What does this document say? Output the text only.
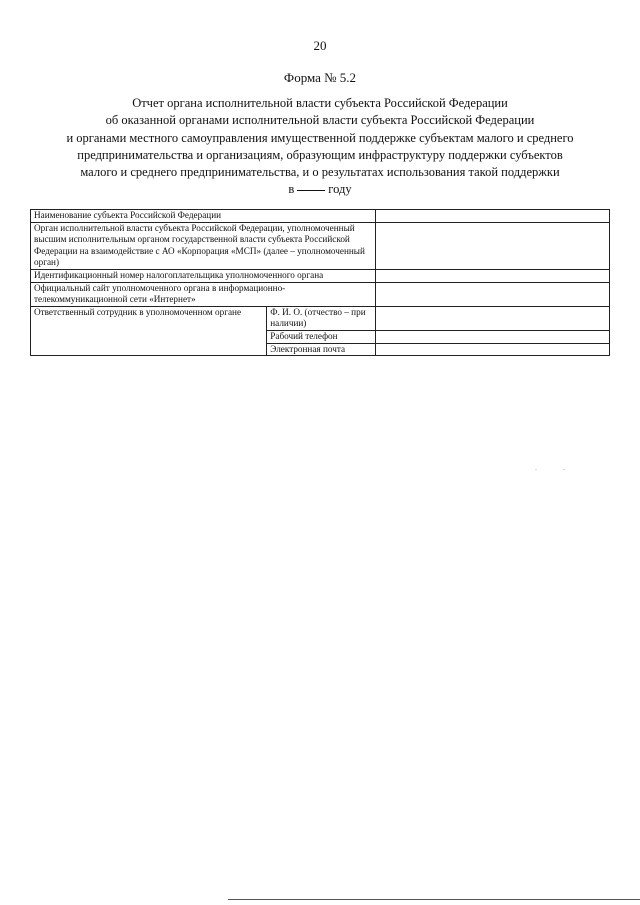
20
Форма № 5.2
Отчет органа исполнительной власти субъекта Российской Федерации
об оказанной органами исполнительной власти субъекта Российской Федерации
и органами местного самоуправления имущественной поддержке субъектам малого и среднего
предпринимательства и организациям, образующим инфраструктуру поддержки субъектов
малого и среднего предпринимательства, и о результатах использования такой поддержки
в	году
Наименование субъекта Российской Федерации		
Орган исполнительной власти субъекта Российской Федерации, уполномоченный высшим исполнительным органом государственной власти субъекта Российской Федерации на взаимодействие с АО «Корпорация «МСП» (далее – уполномоченный орган)		
Идентификационный номер налогоплательщика уполномоченного органа		
Официальный сайт уполномоченного органа в информационно-телекоммуникационной сети «Интернет»		
Ответственный сотрудник в уполномоченном органе	Ф. И. О. (отчество – при наличии)	
	Рабочий телефон	
	Электронная почта	
. .
